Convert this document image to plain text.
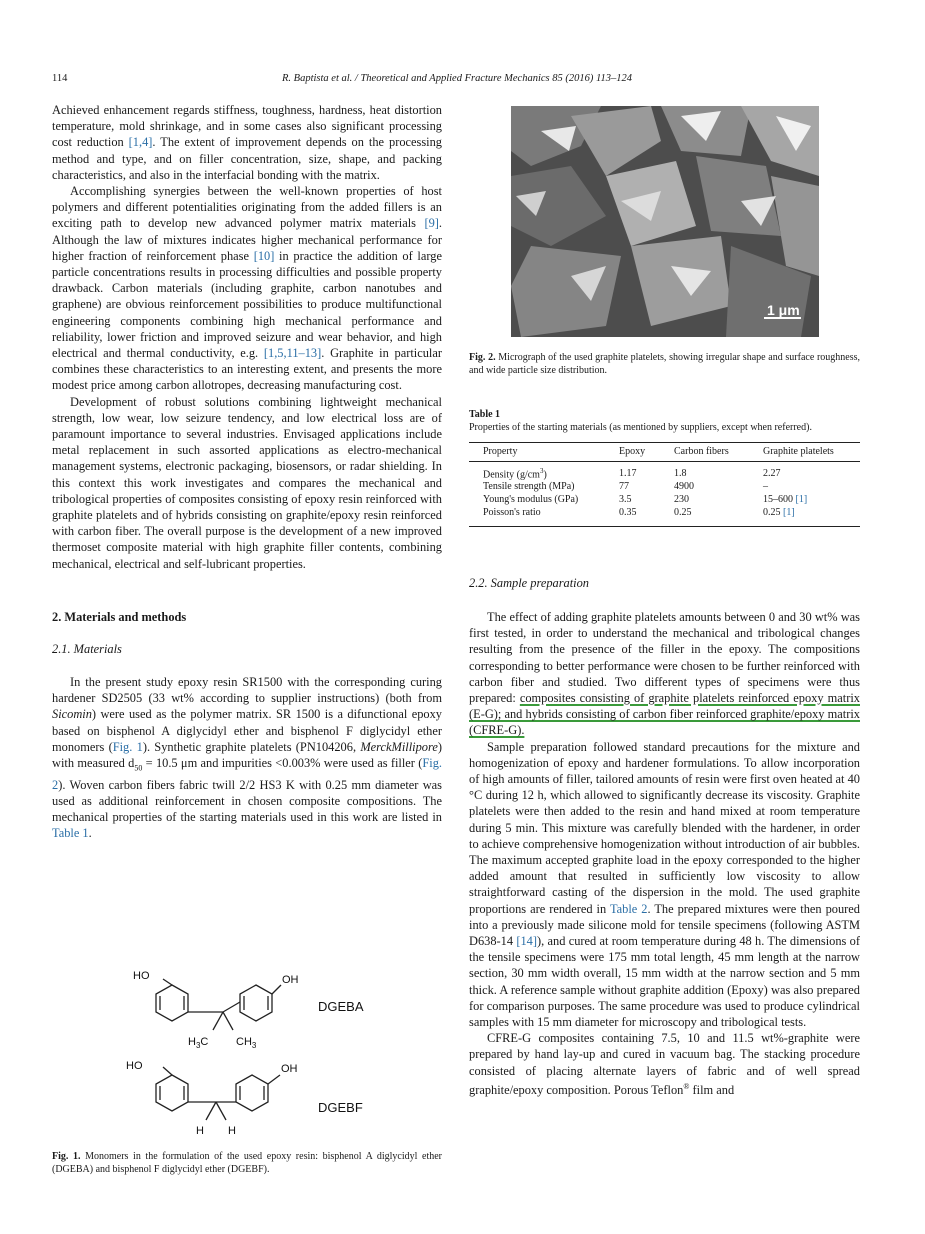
114	R. Baptista et al. / Theoretical and Applied Fracture Mechanics 85 (2016) 113–124

Achieved enhancement regards stiffness, toughness, hardness, heat distortion temperature, mold shrinkage, and in some cases also significant processing cost reduction [1,4]. The extent of improvement depends on the processing method and type, and on filler concentration, size, shape, and packing characteristics, and also in the interfacial bonding with the matrix.

Accomplishing synergies between the well-known properties of host polymers and different potentialities originating from the added fillers is an exciting path to develop new advanced polymer matrix materials [9]. Although the law of mixtures indicates higher mechanical performance for higher fraction of reinforcement phase [10] in practice the addition of large particle concentrations results in processing difficulties and possible property drawback. Carbon materials (including graphite, carbon nanotubes and graphene) are obvious reinforcement possibilities to produce multifunctional engineering components combining high mechanical performance and reliability, lower friction and improved seizure and wear behavior, and high electrical and thermal conductivity, e.g. [1,5,11–13]. Graphite in particular combines these characteristics to an interesting extent, and presents the more modest price among carbon allotropes, decreasing manufacturing cost.

Development of robust solutions combining lightweight mechanical strength, low wear, low seizure tendency, and low electrical loss are of paramount importance to several industries. Envisaged applications include metal replacement in such assorted applications as electro-mechanical management systems, electronic packaging, biosensors, or radar shielding. In this context this work investigates and compares the mechanical and tribological properties of composites consisting of epoxy resin reinforced with graphite platelets and of hybrids consisting on graphite/epoxy resin reinforced with carbon fiber. The overall purpose is the development of a new improved thermoset composite material with high graphite filler contents, combining mechanical, electrical and self-lubricant properties.

2. Materials and methods

2.1. Materials

In the present study epoxy resin SR1500 with the corresponding curing hardener SD2505 (33 wt% according to supplier instructions) (both from Sicomin) were used as the polymer matrix. SR 1500 is a difunctional epoxy based on bisphenol A diglycidyl ether and bisphenol F diglycidyl ether monomers (Fig. 1). Synthetic graphite platelets (PN104206, MerckMillipore) with measured $d_{50} = 10.5$ μm and impurities <0.003% were used as filler (Fig. 2). Woven carbon fibers fabric twill 2/2 HS3 K with 0.25 mm diameter was used as additional reinforcement in chosen composite compositions. The mechanical properties of the starting materials used in this work are listed in Table 1.

HO	OH
$H_3C$	$CH_3$
DGEBA
HO	OH
H H
DGEBF

Fig. 1. Monomers in the formulation of the used epoxy resin: bisphenol A diglycidyl ether (DGEBA) and bisphenol F diglycidyl ether (DGEBF).

1 μm

Fig. 2. Micrograph of the used graphite platelets, showing irregular shape and surface roughness, and wide particle size distribution.

Table 1

Properties of the starting materials (as mentioned by suppliers, except when referred).

Property	Epoxy	Carbon fibers	Graphite platelets
Density $(g/cm^3)$	1.17	1.8	2.27
Tensile strength (MPa)	77	4900	–
Young's modulus (GPa)	3.5	230	15–600 [1]
Poisson's ratio	0.35	0.25	0.25 [1]

2.2. Sample preparation

The effect of adding graphite platelets amounts between 0 and 30 wt% was first tested, in order to understand the mechanical and tribological changes resulting from the presence of the filler in the epoxy. The compositions corresponding to better performance were chosen to be further reinforced with carbon fiber and studied. Two different types of specimens were thus prepared: composites consisting of graphite platelets reinforced epoxy matrix (E-G); and hybrids consisting of carbon fiber reinforced graphite/epoxy matrix (CFRE-G).

Sample preparation followed standard precautions for the mixture and homogenization of epoxy and hardener formulations. To allow incorporation of high amounts of filler, tailored amounts of resin were first oven heated at 40 °C during 12 h, which allowed to significantly decrease its viscosity. Graphite platelets were then added to the resin and hand mixed at room temperature during 5 min. This mixture was carefully blended with the hardener, in order to achieve comprehensive homogenization without introduction of air bubbles. The maximum accepted graphite load in the epoxy corresponded to the higher added amount that resulted in sufficiently low viscosity to allow straightforward casting of the dispersion in the mold. The used graphite proportions are rendered in Table 2. The prepared mixtures were then poured into a previously made silicone mold for tensile specimens (following ASTM D638-14 [14]), and cured at room temperature during 48 h. The dimensions of the tensile specimens were 175 mm total length, 45 mm length at the narrow section, 30 mm width overall, 15 mm width at the narrow section and 5 mm thick. A reference sample without graphite addition (Epoxy) was also prepared for comparison purposes. The same procedure was used to produce cylindrical samples with 15 mm diameter for microscopy and tribological tests.

CFRE-G composites containing 7.5, 10 and 11.5 wt%-graphite were prepared by hand lay-up and cured in vacuum bag. The stacking procedure consisted of placing alternate layers of fabric and of well spread graphite/epoxy composition. Porous Teflon® film and
